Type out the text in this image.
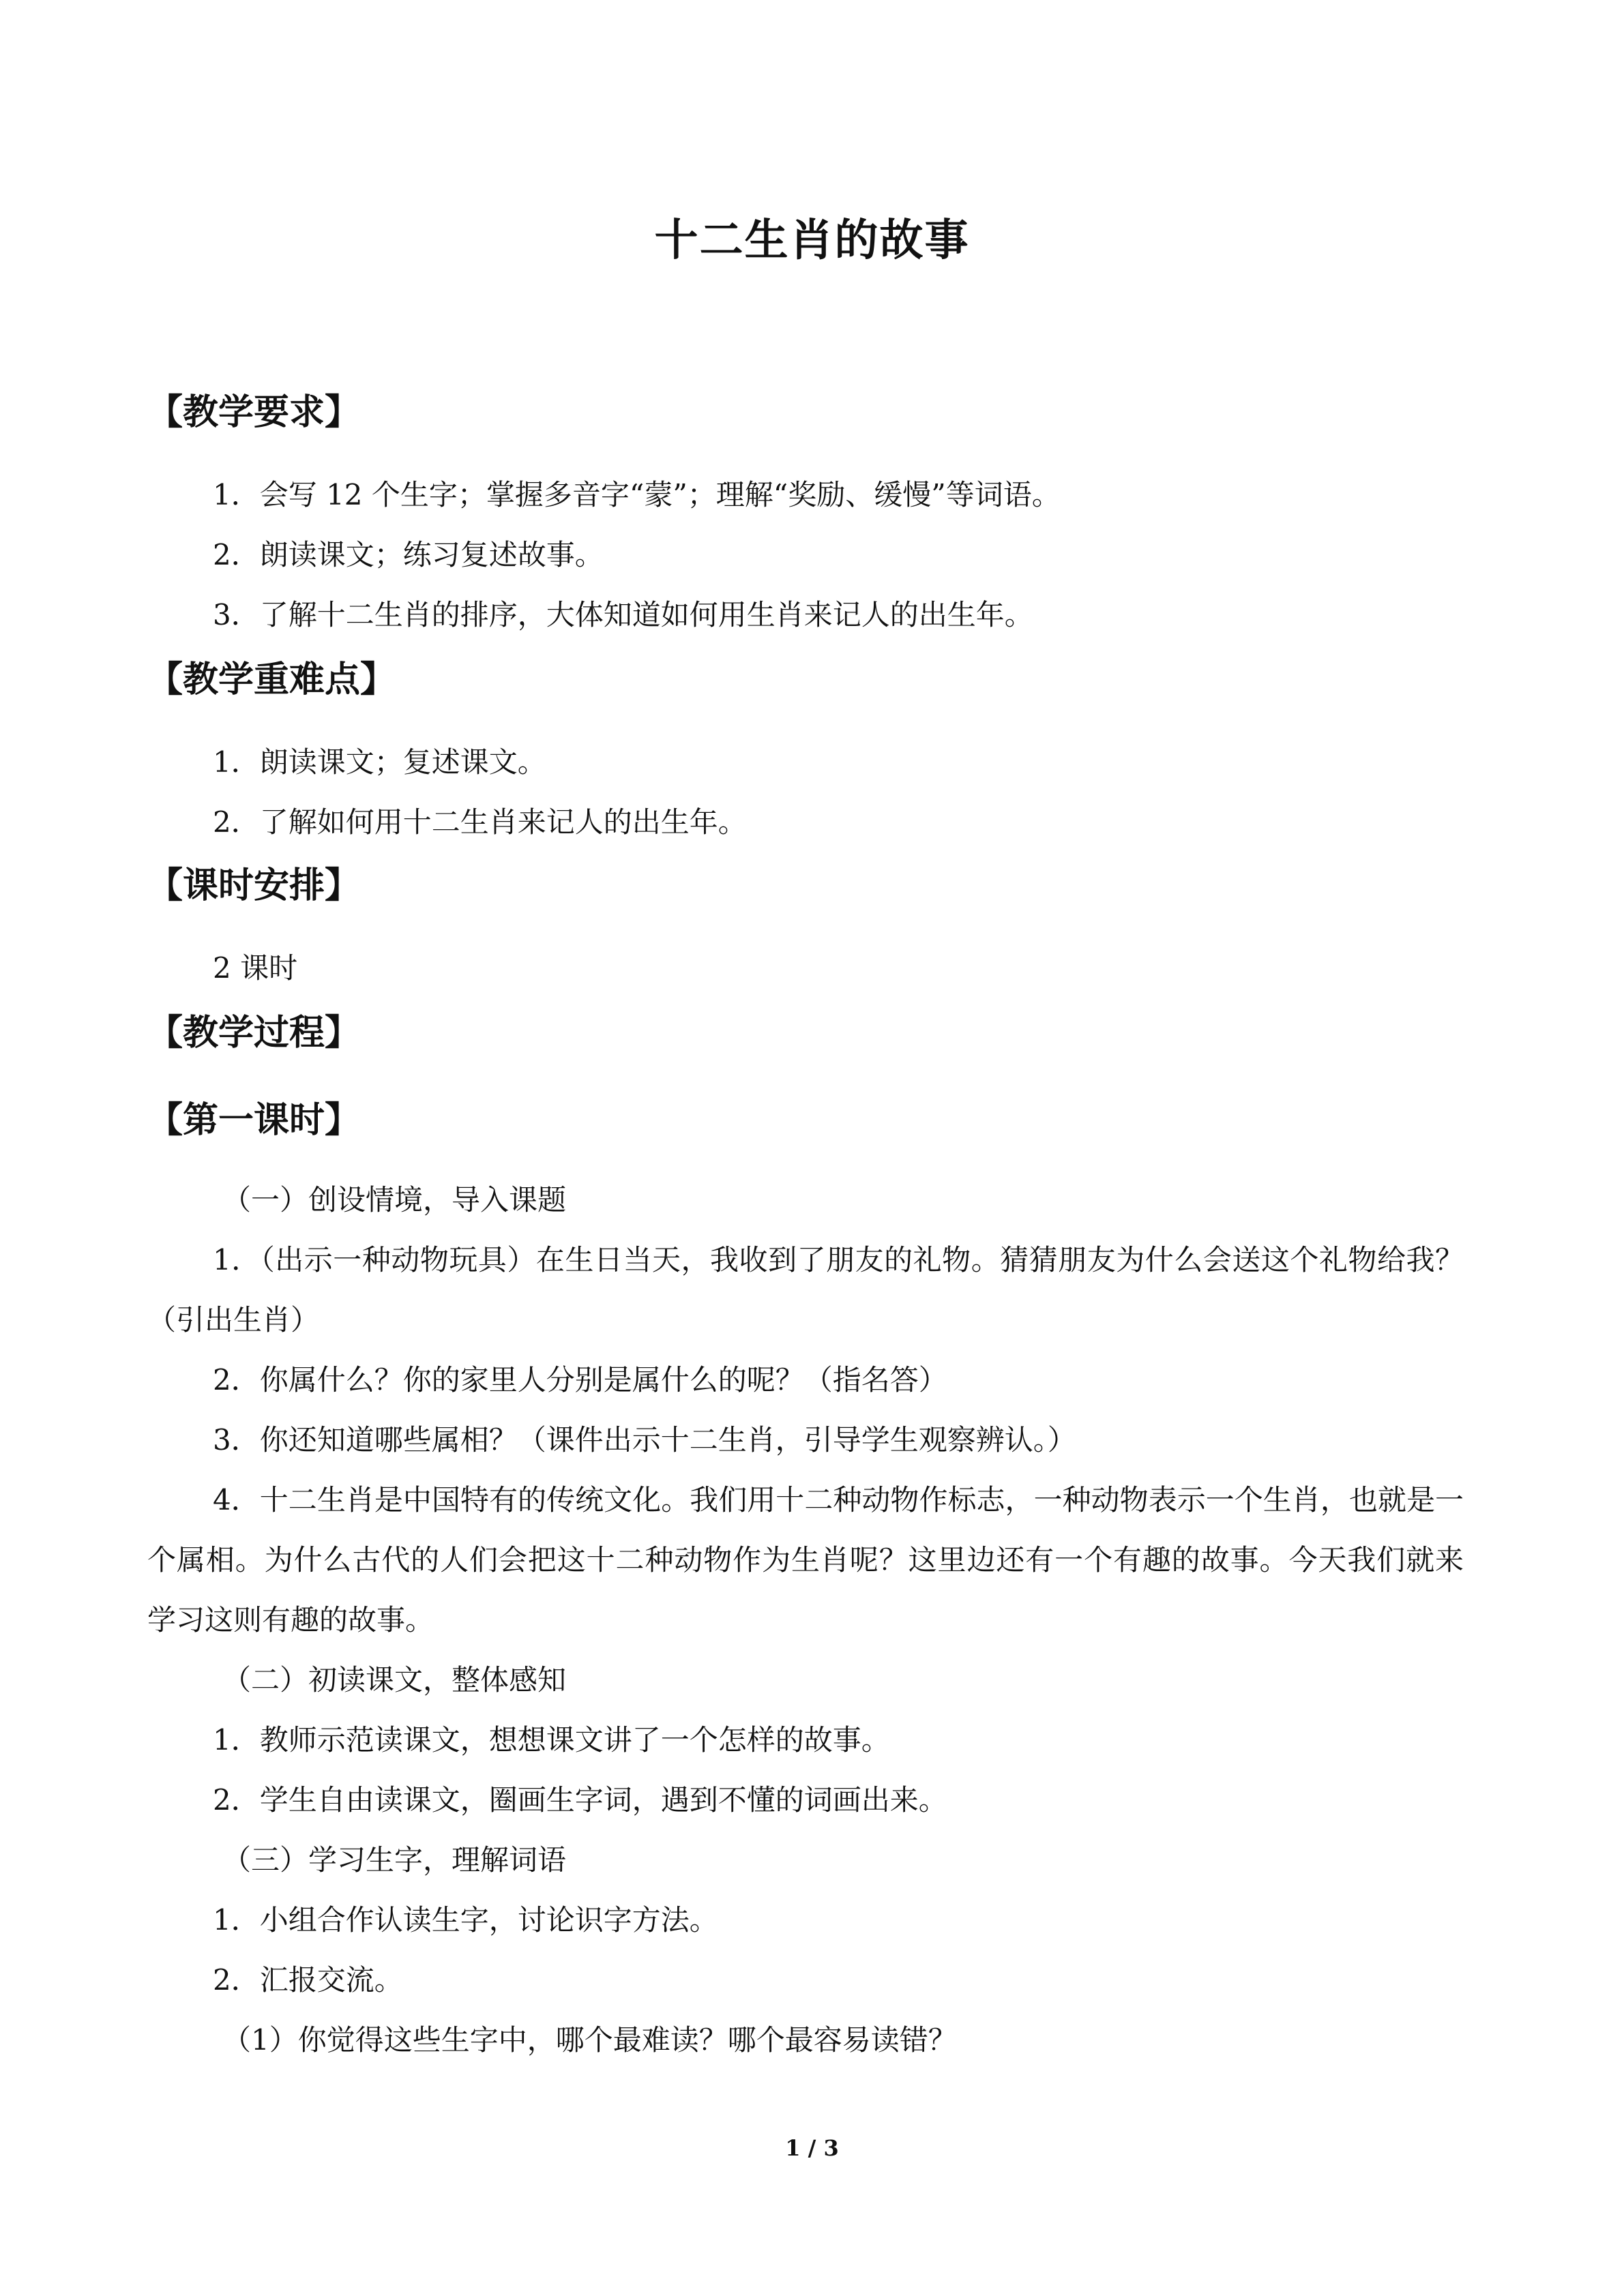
十二生肖的故事
【教学要求】
1．会写 12 个生字；掌握多音字“蒙”；理解“奖励、缓慢”等词语。
2．朗读课文；练习复述故事。
3．了解十二生肖的排序，大体知道如何用生肖来记人的出生年。
【教学重难点】
1．朗读课文；复述课文。
2．了解如何用十二生肖来记人的出生年。
【课时安排】
2 课时
【教学过程】
【第一课时】
（一）创设情境，导入课题
1．（出示一种动物玩具）在生日当天，我收到了朋友的礼物。猜猜朋友为什么会送这个礼物给我？（引出生肖）
2．你属什么？你的家里人分别是属什么的呢？（指名答）
3．你还知道哪些属相？（课件出示十二生肖，引导学生观察辨认。）
4．十二生肖是中国特有的传统文化。我们用十二种动物作标志，一种动物表示一个生肖，也就是一个属相。为什么古代的人们会把这十二种动物作为生肖呢？这里边还有一个有趣的故事。今天我们就来学习这则有趣的故事。
（二）初读课文，整体感知
1．教师示范读课文，想想课文讲了一个怎样的故事。
2．学生自由读课文，圈画生字词，遇到不懂的词画出来。
（三）学习生字，理解词语
1．小组合作认读生字，讨论识字方法。
2．汇报交流。
（1）你觉得这些生字中，哪个最难读？哪个最容易读错？
1 / 3
